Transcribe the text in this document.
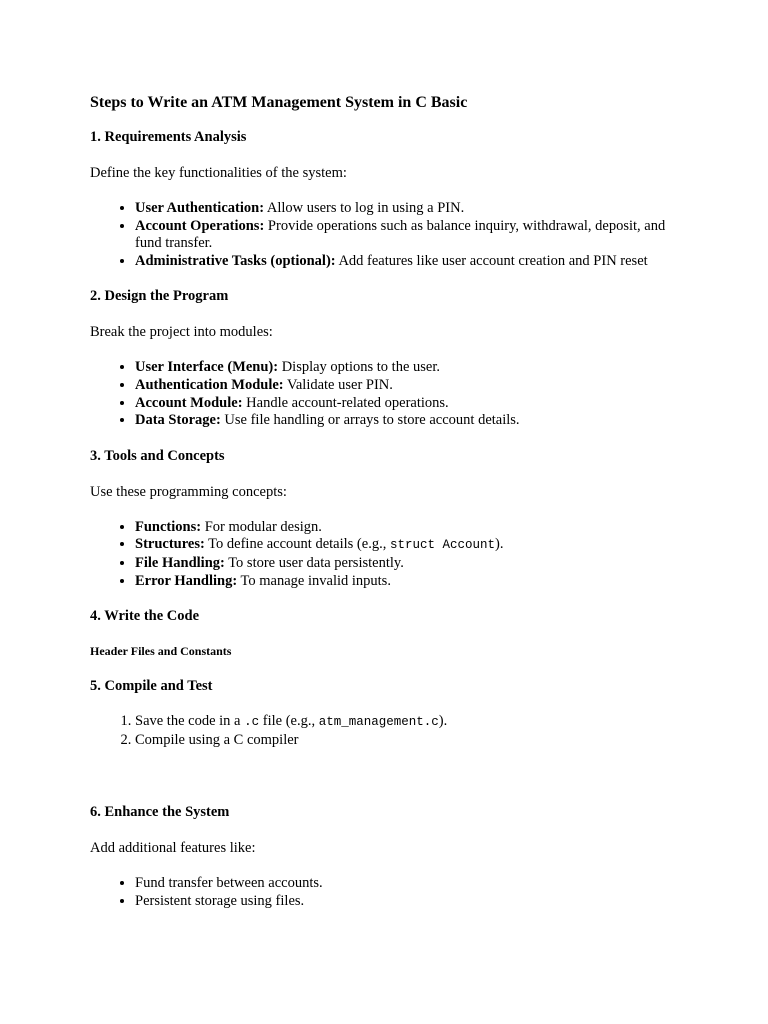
Steps to Write an ATM Management System in C Basic
1. Requirements Analysis
Define the key functionalities of the system:
• User Authentication: Allow users to log in using a PIN.
• Account Operations: Provide operations such as balance inquiry, withdrawal, deposit, and fund transfer.
• Administrative Tasks (optional): Add features like user account creation and PIN reset
2. Design the Program
Break the project into modules:
• User Interface (Menu): Display options to the user.
• Authentication Module: Validate user PIN.
• Account Module: Handle account-related operations.
• Data Storage: Use file handling or arrays to store account details.
3. Tools and Concepts
Use these programming concepts:
• Functions: For modular design.
• Structures: To define account details (e.g., struct Account).
• File Handling: To store user data persistently.
• Error Handling: To manage invalid inputs.
4. Write the Code
Header Files and Constants
5. Compile and Test
1. Save the code in a .c file (e.g., atm_management.c).
2. Compile using a C compiler
6. Enhance the System
Add additional features like:
• Fund transfer between accounts.
• Persistent storage using files.
